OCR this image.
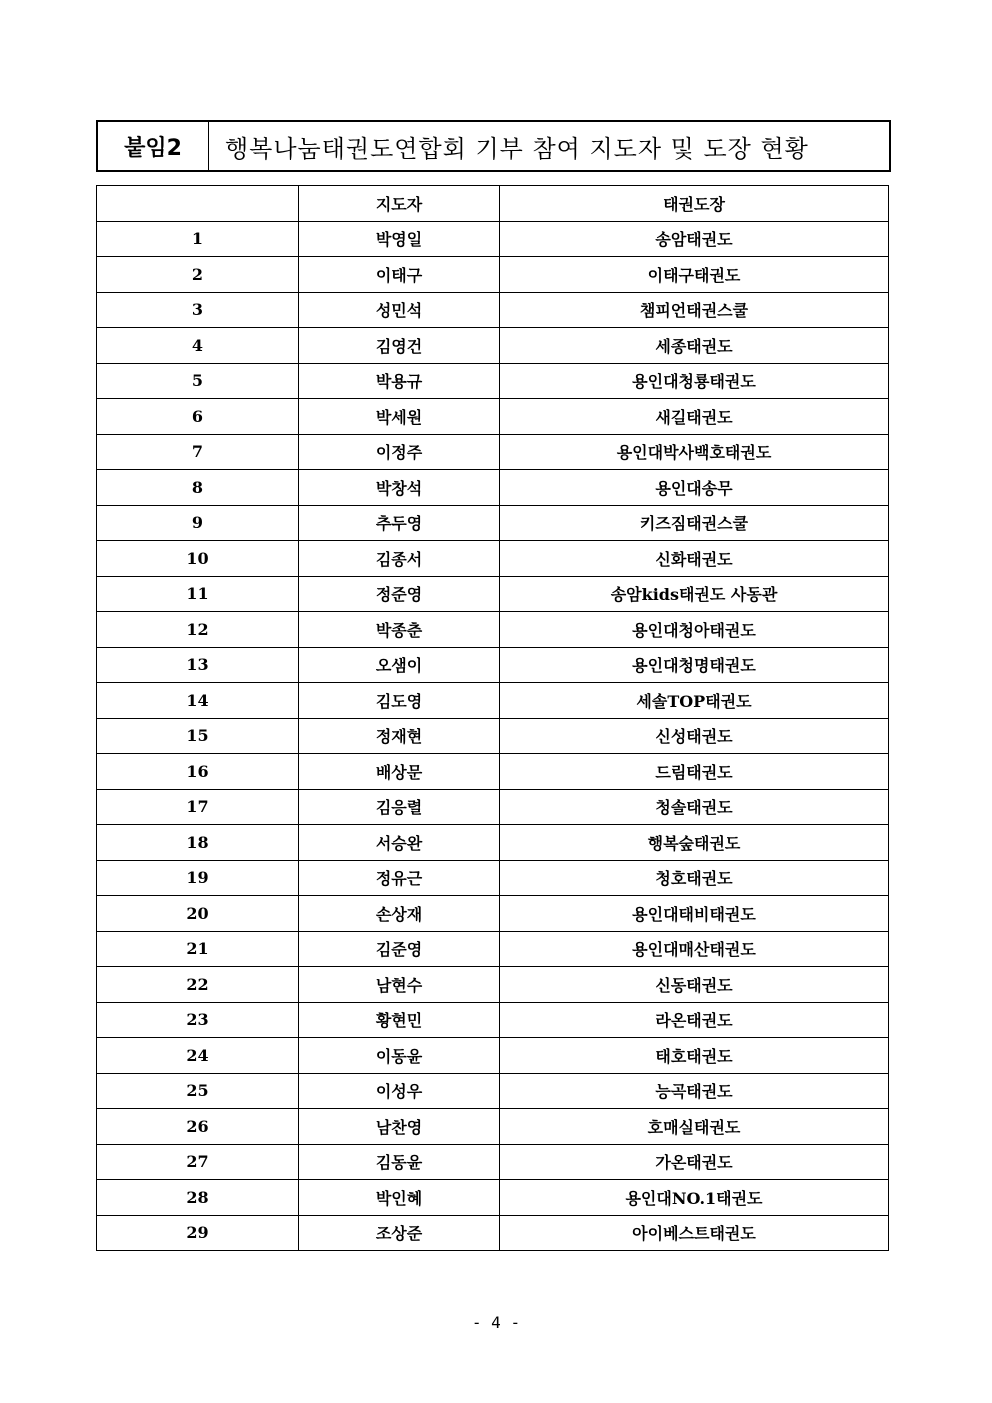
붙임2	행복나눔태권도연합회 기부 참여 지도자 및 도장 현황
	지도자	태권도장
1	박영일	송암태권도
2	이태구	이태구태권도
3	성민석	챔피언태권스쿨
4	김영건	세종태권도
5	박용규	용인대청룡태권도
6	박세원	새길태권도
7	이정주	용인대박사백호태권도
8	박창석	용인대송무
9	추두영	키즈짐태권스쿨
10	김종서	신화태권도
11	정준영	송암kids태권도 사동관
12	박종춘	용인대청아태권도
13	오샘이	용인대청명태권도
14	김도영	세솔TOP태권도
15	정재현	신성태권도
16	배상문	드림태권도
17	김응렬	청솔태권도
18	서승완	행복숲태권도
19	정유근	청호태권도
20	손상재	용인대태비태권도
21	김준영	용인대매산태권도
22	남현수	신동태권도
23	황현민	라온태권도
24	이동윤	태호태권도
25	이성우	능곡태권도
26	남찬영	호매실태권도
27	김동윤	가온태권도
28	박인혜	용인대NO.1태권도
29	조상준	아이베스트태권도
- 4 -
